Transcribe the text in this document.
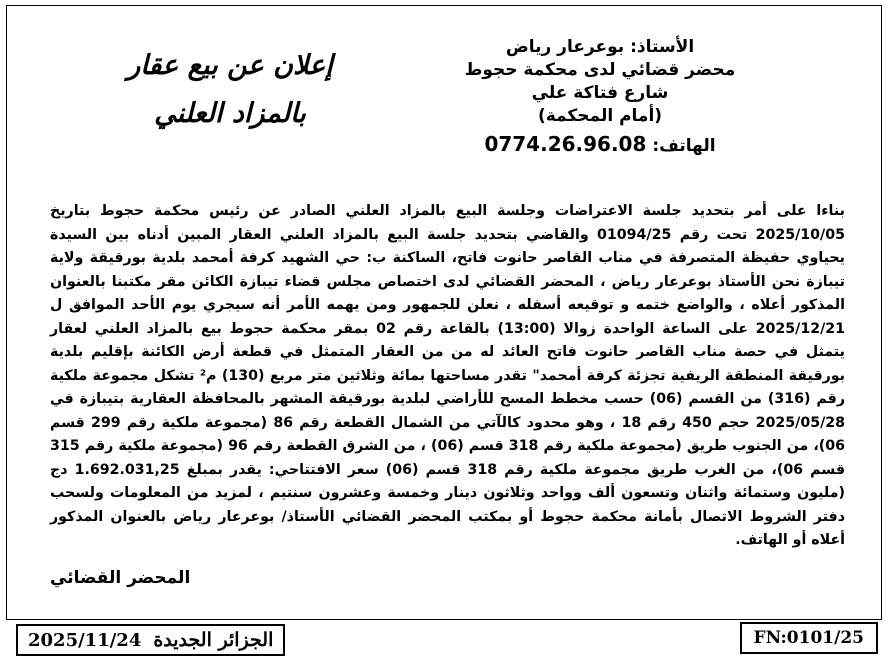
الأستاذ: بوعرعار رياض
محضر قضائي لدى محكمة حجوط
شارع فتاكة علي
(أمام المحكمة)
الهاتف: 0774.26.96.08
إعلان عن بيع عقار
بالمزاد العلني
بناءا على أمر بتحديد جلسة الاعتراضات وجلسة البيع بالمزاد العلني الصادر عن رئيس محكمة حجوط بتاريخ 2025/10/05 تحت رقم 01094/25 والقاضي بتحديد جلسة البيع بالمزاد العلني العقار المبين أدناه بين السيدة يحياوي حفيظة المتصرفة في مناب القاصر حانوت فاتح، الساكنة ب: حي الشهيد كرفة أمحمد بلدية بورقيقة ولاية تيبازة نحن الأستاذ بوعرعار رياض ، المحضر القضائي لدى اختصاص مجلس قضاء تيبازة الكائن مقر مكتبنا بالعنوان المذكور أعلاه ، والواضع ختمه و توقيعه أسفله ، نعلن للجمهور ومن يهمه الأمر أنه سيجري يوم الأحد الموافق ل 2025/12/21 على الساعة الواحدة زوالا (13:00) بالقاعة رقم 02 بمقر محكمة حجوط بيع بالمزاد العلني لعقار يتمثل في حصة مناب القاصر حانوت فاتح العائد له من من العقار المتمثل في قطعة أرض الكائنة بإقليم بلدية بورقيقة المنطقة الريفية تجزئة كرفة أمحمد" تقدر مساحتها بمائة وثلاثين متر مربع (130) م² تشكل مجموعة ملكية رقم (316) من القسم (06) حسب مخطط المسح للأراضي لبلدية بورقيقة المشهر بالمحافظة العقارية بتيبازة في 2025/05/28 حجم 450 رقم 18 ، وهو محدود كالآتي من الشمال القطعة رقم 86 (مجموعة ملكية رقم 299 قسم 06)، من الجنوب طريق (مجموعة ملكية رقم 318 قسم (06) ، من الشرق القطعة رقم 96 (مجموعة ملكية رقم 315 قسم 06)، من الغرب طريق مجموعة ملكية رقم 318 قسم (06) سعر الافتتاحي: يقدر بمبلغ 1.692.031,25 دج (مليون وستمائة واثنان وتسعون ألف وواحد وثلاثون دينار وخمسة وعشرون سنتيم ، لمزيد من المعلومات ولسحب دفتر الشروط الاتصال بأمانة محكمة حجوط أو بمكتب المحضر القضائي الأستاذ/ بوعرعار رياض بالعنوان المذكور أعلاه أو الهاتف.
المحضر القضائي
الجزائر الجديدة
2025/11/24	FN:0101/25
